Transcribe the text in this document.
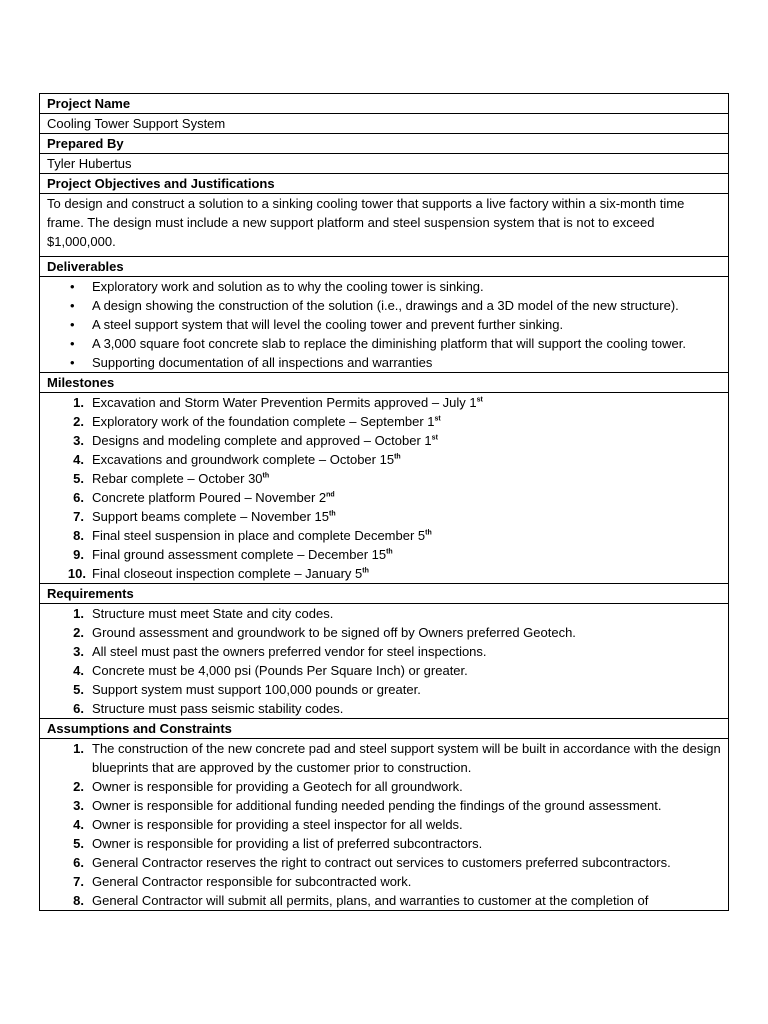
Project Name
Cooling Tower Support System
Prepared By
Tyler Hubertus
Project Objectives and Justifications
To design and construct a solution to a sinking cooling tower that supports a live factory within a six-month time frame. The design must include a new support platform and steel suspension system that is not to exceed $1,000,000.
Deliverables
• Exploratory work and solution as to why the cooling tower is sinking.
• A design showing the construction of the solution (i.e., drawings and a 3D model of the new structure).
• A steel support system that will level the cooling tower and prevent further sinking.
• A 3,000 square foot concrete slab to replace the diminishing platform that will support the cooling tower.
• Supporting documentation of all inspections and warranties
Milestones
1. Excavation and Storm Water Prevention Permits approved – July 1st
2. Exploratory work of the foundation complete – September 1st
3. Designs and modeling complete and approved – October 1st
4. Excavations and groundwork complete – October 15th
5. Rebar complete – October 30th
6. Concrete platform Poured – November 2nd
7. Support beams complete – November 15th
8. Final steel suspension in place and complete December 5th
9. Final ground assessment complete – December 15th
10. Final closeout inspection complete – January 5th
Requirements
1. Structure must meet State and city codes.
2. Ground assessment and groundwork to be signed off by Owners preferred Geotech.
3. All steel must past the owners preferred vendor for steel inspections.
4. Concrete must be 4,000 psi (Pounds Per Square Inch) or greater.
5. Support system must support 100,000 pounds or greater.
6. Structure must pass seismic stability codes.
Assumptions and Constraints
1. The construction of the new concrete pad and steel support system will be built in accordance with the design blueprints that are approved by the customer prior to construction.
2. Owner is responsible for providing a Geotech for all groundwork.
3. Owner is responsible for additional funding needed pending the findings of the ground assessment.
4. Owner is responsible for providing a steel inspector for all welds.
5. Owner is responsible for providing a list of preferred subcontractors.
6. General Contractor reserves the right to contract out services to customers preferred subcontractors.
7. General Contractor responsible for subcontracted work.
8. General Contractor will submit all permits, plans, and warranties to customer at the completion of
